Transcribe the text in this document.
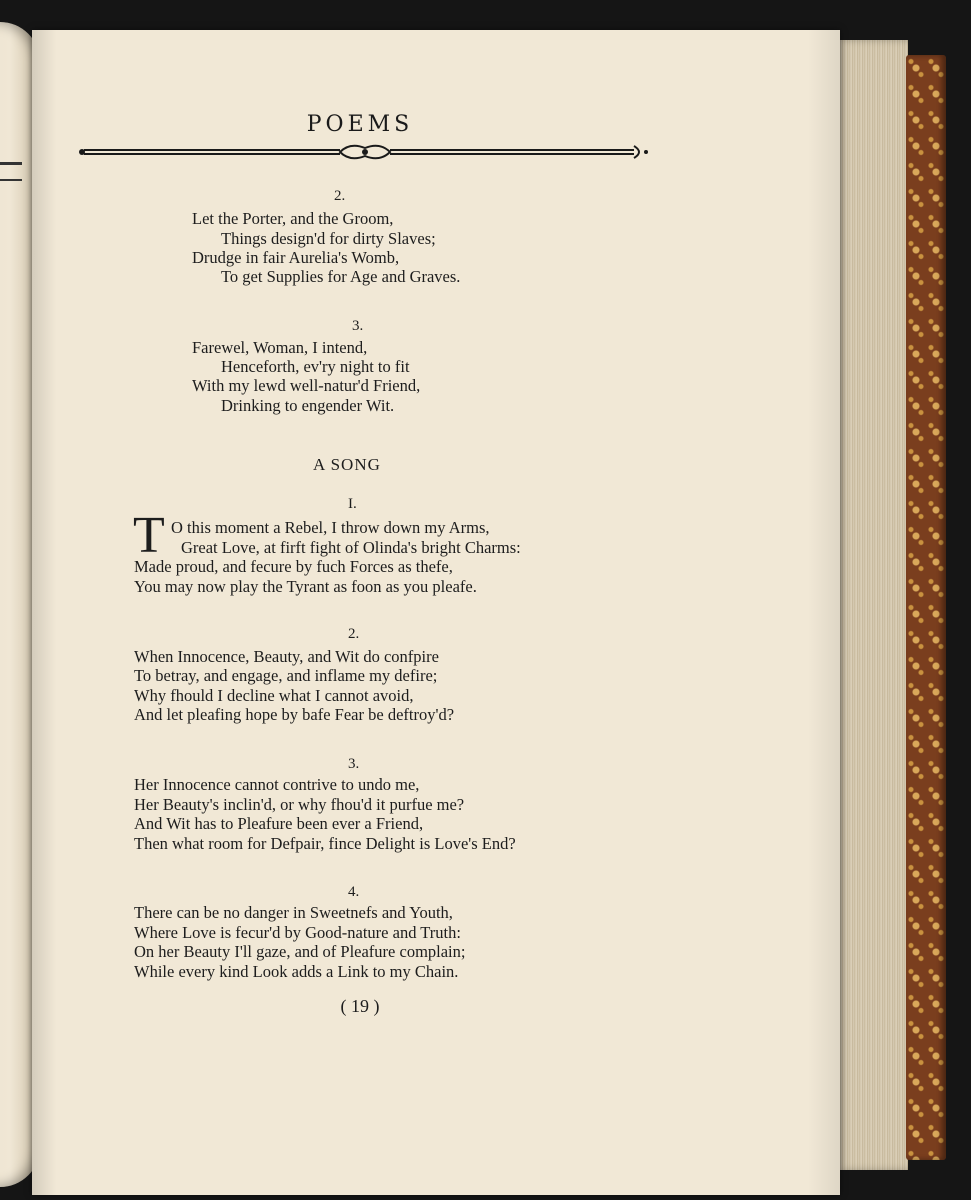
POEMS
2.
Let the Porter, and the Groom,
Things design'd for dirty Slaves;
Drudge in fair Aurelia's Womb,
To get Supplies for Age and Graves.
3.
Farewel, Woman, I intend,
Henceforth, ev'ry night to fit
With my lewd well-natur'd Friend,
Drinking to engender Wit.
A SONG
I.
T O this moment a Rebel, I throw down my Arms,
Great Love, at firft fight of Olinda's bright Charms:
Made proud, and fecure by fuch Forces as thefe,
You may now play the Tyrant as foon as you pleafe.
2.
When Innocence, Beauty, and Wit do confpire
To betray, and engage, and inflame my defire;
Why fhould I decline what I cannot avoid,
And let pleafing hope by bafe Fear be deftroy'd?
3.
Her Innocence cannot contrive to undo me,
Her Beauty's inclin'd, or why fhou'd it purfue me?
And Wit has to Pleafure been ever a Friend,
Then what room for Defpair, fince Delight is Love's End?
4.
There can be no danger in Sweetnefs and Youth,
Where Love is fecur'd by Good-nature and Truth:
On her Beauty I'll gaze, and of Pleafure complain;
While every kind Look adds a Link to my Chain.
( 19 )
